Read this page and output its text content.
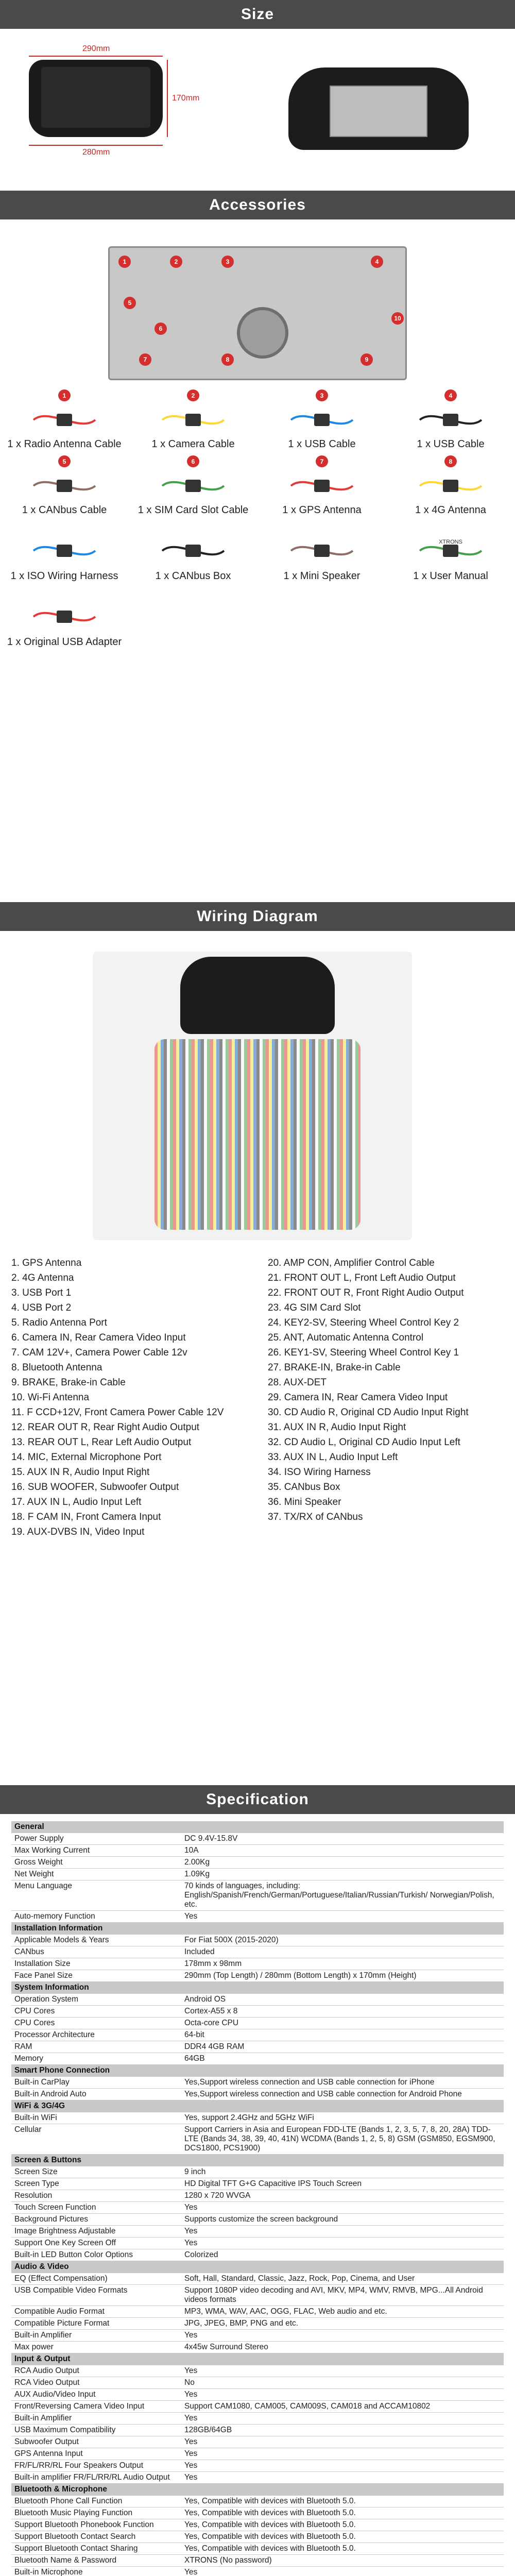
Size
290mm
280mm
170mm
Accessories
1	2	3	4
5
6
7	8	9
10
1
1 x Radio Antenna Cable
2
1 x Camera Cable
3
1 x USB Cable
4
1 x USB Cable
5
1 x CANbus Cable
6
1 x SIM Card Slot Cable
7
1 x GPS Antenna
8
1 x 4G Antenna
1 x ISO Wiring Harness	1 x CANbus Box	1 x Mini Speaker
XTRONS
1 x User Manual
1 x Original USB Adapter
Wiring Diagram
1. GPS Antenna
2. 4G Antenna
3. USB Port 1
4. USB Port 2
5. Radio Antenna Port
6. Camera IN, Rear Camera Video Input
7. CAM 12V+, Camera Power Cable 12v
8. Bluetooth Antenna
9. BRAKE, Brake-in Cable
10. Wi-Fi Antenna
11. F CCD+12V, Front Camera Power Cable 12V
12. REAR OUT R, Rear Right Audio Output
13. REAR OUT L, Rear Left Audio Output
14. MIC, External Microphone Port
15. AUX IN R, Audio Input Right
16. SUB WOOFER, Subwoofer Output
17. AUX IN L, Audio Input Left
18. F CAM IN, Front Camera Input
19. AUX-DVBS IN, Video Input
20. AMP CON, Amplifier Control Cable
21. FRONT OUT L, Front Left Audio Output
22. FRONT OUT R, Front Right Audio Output
23. 4G SIM Card Slot
24. KEY2-SV, Steering Wheel Control Key 2
25. ANT, Automatic Antenna Control
26. KEY1-SV, Steering Wheel Control Key 1
27. BRAKE-IN, Brake-in Cable
28. AUX-DET
29. Camera IN, Rear Camera Video Input
30. CD Audio R, Original CD Audio Input Right
31. AUX IN R, Audio Input Right
32. CD Audio L, Original CD Audio Input Left
33. AUX IN L, Audio Input Left
34. ISO Wiring Harness
35. CANbus Box
36. Mini Speaker
37. TX/RX of CANbus
Specification
General	
Power Supply	DC 9.4V-15.8V
Max Working Current	10A
Gross Weight	2.00Kg
Net Weight	1.09Kg
Menu Language	70 kinds of languages, including: English/Spanish/French/German/Portuguese/Italian/Russian/Turkish/ Norwegian/Polish, etc.
Auto-memory Function	Yes
Installation Information	
Applicable Models & Years	For Fiat 500X (2015-2020)
CANbus	Included
Installation Size	178mm x 98mm
Face Panel Size	290mm (Top Length) / 280mm (Bottom Length) x 170mm (Height)
System Information	
Operation System	Android OS
CPU Cores	Cortex-A55 x 8
CPU Cores	Octa-core CPU
Processor Architecture	64-bit
RAM	DDR4 4GB RAM
Memory	64GB
Smart Phone Connection	
Built-in CarPlay	Yes,Support wireless connection and USB cable connection for iPhone
Built-in Android Auto	Yes,Support wireless connection and USB cable connection for Android Phone
WiFi & 3G/4G	
Built-in WiFi	Yes, support 2.4GHz and 5GHz WiFi
Cellular	Support Carriers in Asia and European FDD-LTE (Bands 1, 2, 3, 5, 7, 8, 20, 28A) TDD-LTE (Bands 34, 38, 39, 40, 41N) WCDMA (Bands 1, 2, 5, 8) GSM (GSM850, EGSM900, DCS1800, PCS1900)
Screen & Buttons	
Screen Size	9 inch
Screen Type	HD Digital TFT G+G Capacitive IPS Touch Screen
Resolution	1280 x 720 WVGA
Touch Screen Function	Yes
Background Pictures	Supports customize the screen background
Image Brightness Adjustable	Yes
Support One Key Screen Off	Yes
Built-in LED Button Color Options	Colorized
Audio & Video	
EQ (Effect Compensation)	Soft, Hall, Standard, Classic, Jazz, Rock, Pop, Cinema, and User
USB Compatible Video Formats	Support 1080P video decoding and AVI, MKV, MP4, WMV, RMVB, MPG...All Android videos formats
Compatible Audio Format	MP3, WMA, WAV, AAC, OGG, FLAC, Web audio and etc.
Compatible Picture Format	JPG, JPEG, BMP, PNG and etc.
Built-in Amplifier	Yes
Max power	4x45w Surround Stereo
Input & Output	
RCA Audio Output	Yes
RCA Video Output	No
AUX Audio/Video Input	Yes
Front/Reversing Camera Video Input	Support CAM1080, CAM005, CAM009S, CAM018 and ACCAM10802
Built-in Amplifier	Yes
USB Maximum Compatibility	128GB/64GB
Subwoofer Output	Yes
GPS Antenna Input	Yes
FR/FL/RR/RL Four Speakers Output	Yes
Built-in amplifier FR/FL/RR/RL Audio Output	Yes
Bluetooth & Microphone	
Bluetooth Phone Call Function	Yes, Compatible with devices with Bluetooth 5.0.
Bluetooth Music Playing Function	Yes, Compatible with devices with Bluetooth 5.0.
Support Bluetooth Phonebook Function	Yes, Compatible with devices with Bluetooth 5.0.
Support Bluetooth Contact Search	Yes, Compatible with devices with Bluetooth 5.0.
Support Bluetooth Contact Sharing	Yes, Compatible with devices with Bluetooth 5.0.
Bluetooth Name & Password	XTRONS (No password)
Built-in Microphone	Yes
